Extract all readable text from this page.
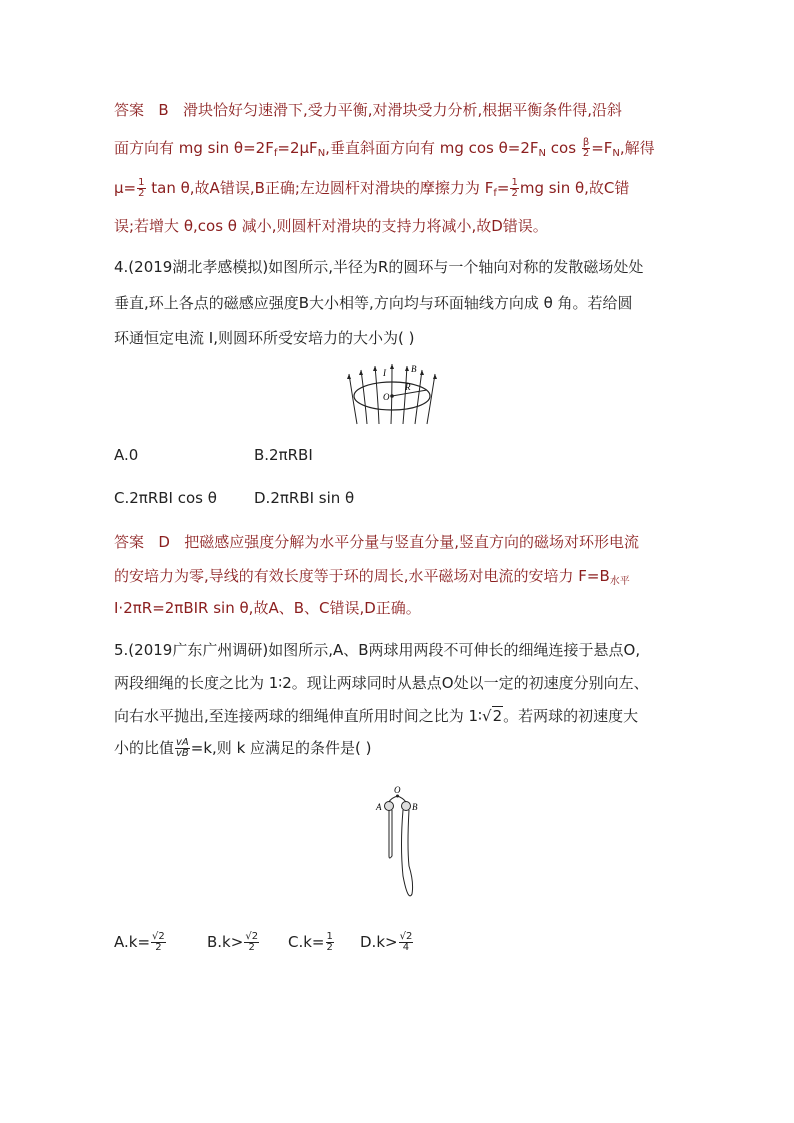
答案 B 滑块恰好匀速滑下,受力平衡,对滑块受力分析,根据平衡条件得,沿斜
面方向有 mg $\sin \theta=2F_f=2\mu F_N$,垂直斜面方向有 mg $\cos \theta=2F_N$ $\cos \frac{\beta}{2} =F_N$,解得
$\mu= \frac{1}{2}$ tan θ,故A错误,B正确;左边圆杆对滑块的摩擦力为 $F_f= \frac{1}{2}$ mg sin θ,故C错
误;若增大 θ,cos θ 减小,则圆杆对滑块的支持力将减小,故D错误。
4.(2019湖北孝感模拟)如图所示,半径为R的圆环与一个轴向对称的发散磁场处处
垂直,环上各点的磁感应强度B大小相等,方向均与环面轴线方向成 θ 角。若给圆
环通恒定电流 I,则圆环所受安培力的大小为( )
O
R
I	B
A.0	B.2πRBI
C.2πRBI cos θ D.2πRBI sin θ
答案 D 把磁感应强度分解为水平分量与竖直分量,竖直方向的磁场对环形电流
的安培力为零,导线的有效长度等于环的周长,水平磁场对电流的安培力 $F=B_{水平}$
I·2πR=2πBIR sin θ,故A、B、C错误,D正确。
5.(2019广东广州调研)如图所示,A、B两球用两段不可伸长的细绳连接于悬点O,
两段细绳的长度之比为 1∶2。现让两球同时从悬点O处以一定的初速度分别向左、
向右水平抛出,至连接两球的细绳伸直所用时间之比为 1∶√2。若两球的初速度大
小的比值 $\frac{vA}{vB} =k$,则 k 应满足的条件是( )
A
O
B
$A.k= \frac{√2}{2}$	$B.k> \frac{√2}{2} C.k= \frac{1}{2} D.k> \frac{√2}{4}$
